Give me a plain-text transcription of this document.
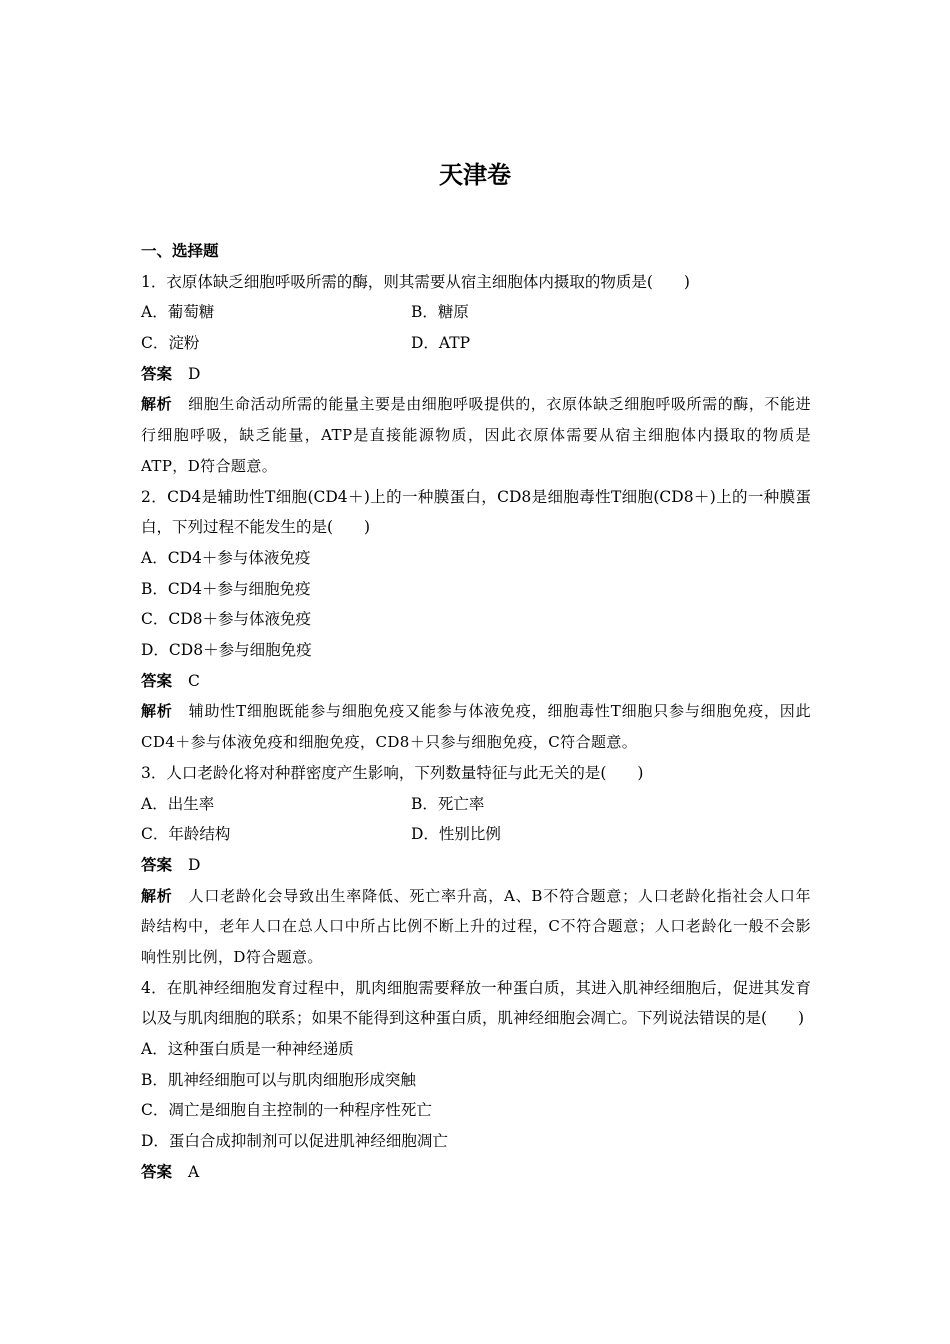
天津卷
一、选择题
1．衣原体缺乏细胞呼吸所需的酶，则其需要从宿主细胞体内摄取的物质是(　　)
A．葡萄糖	B．糖原
C．淀粉	D．ATP
答案 D
解析 细胞生命活动所需的能量主要是由细胞呼吸提供的，衣原体缺乏细胞呼吸所需的酶，不能进行细胞呼吸，缺乏能量，ATP是直接能源物质，因此衣原体需要从宿主细胞体内摄取的物质是ATP，D符合题意。
2．CD4是辅助性T细胞(CD4＋)上的一种膜蛋白，CD8是细胞毒性T细胞(CD8＋)上的一种膜蛋白，下列过程不能发生的是(　　)
A．CD4＋参与体液免疫
B．CD4＋参与细胞免疫
C．CD8＋参与体液免疫
D．CD8＋参与细胞免疫
答案 C
解析 辅助性T细胞既能参与细胞免疫又能参与体液免疫，细胞毒性T细胞只参与细胞免疫，因此CD4＋参与体液免疫和细胞免疫，CD8＋只参与细胞免疫，C符合题意。
3．人口老龄化将对种群密度产生影响，下列数量特征与此无关的是(　　)
A．出生率	B．死亡率
C．年龄结构	D．性别比例
答案 D
解析 人口老龄化会导致出生率降低、死亡率升高，A、B不符合题意；人口老龄化指社会人口年龄结构中，老年人口在总人口中所占比例不断上升的过程，C不符合题意；人口老龄化一般不会影响性别比例，D符合题意。
4．在肌神经细胞发育过程中，肌肉细胞需要释放一种蛋白质，其进入肌神经细胞后，促进其发育以及与肌肉细胞的联系；如果不能得到这种蛋白质，肌神经细胞会凋亡。下列说法错误的是(　　)
A．这种蛋白质是一种神经递质
B．肌神经细胞可以与肌肉细胞形成突触
C．凋亡是细胞自主控制的一种程序性死亡
D．蛋白合成抑制剂可以促进肌神经细胞凋亡
答案 A
